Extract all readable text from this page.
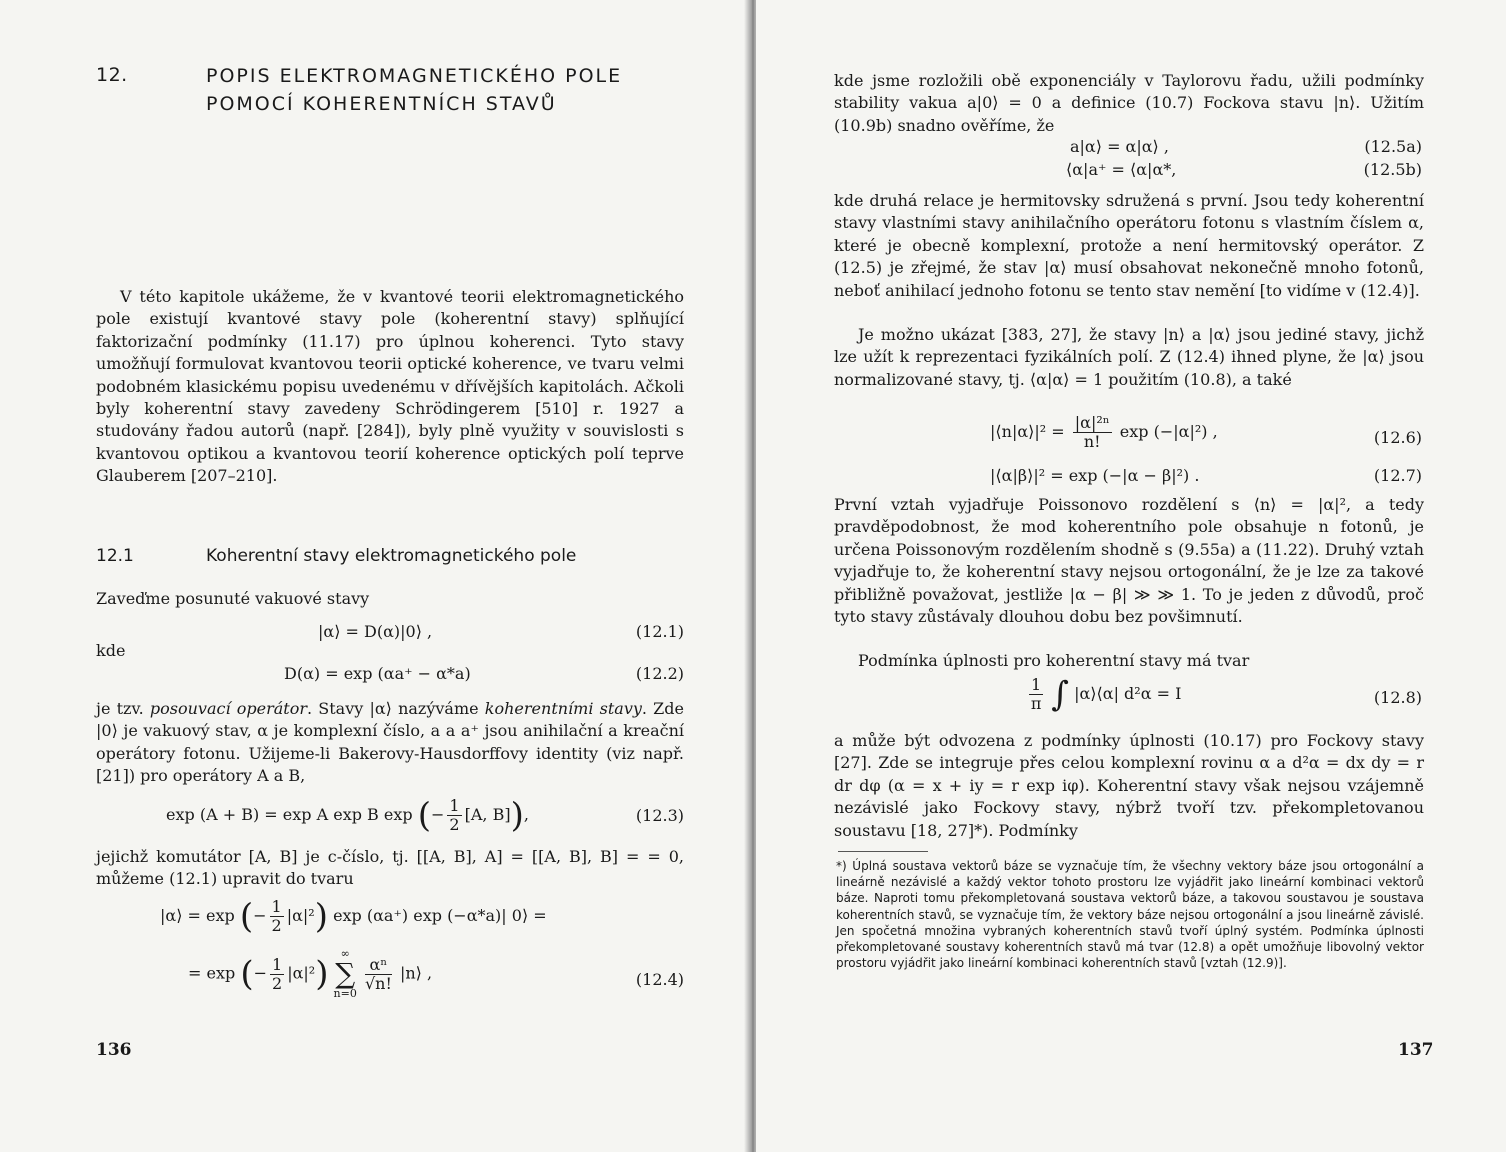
12.	POPIS ELEKTROMAGNETICKÉHO POLE
POMOCÍ KOHERENTNÍCH STAVŮ
V této kapitole ukážeme, že v kvantové teorii elektromagnetického pole existují kvantové stavy pole (koherentní stavy) splňující faktorizační podmínky (11.17) pro úplnou koherenci. Tyto stavy umožňují formulovat kvantovou teorii optické koherence, ve tvaru velmi podobném klasickému popisu uvedenému v dřívějších kapitolách. Ačkoli byly koherentní stavy zavedeny Schrödingerem [510] r. 1927 a studovány řadou autorů (např. [284]), byly plně využity v souvislosti s kvantovou optikou a kvantovou teorií koherence optických polí teprve Glauberem [207–210].
12.1	Koherentní stavy elektromagnetického pole
Zaveďme posunuté vakuové stavy
|α⟩ = D(α)|0⟩ ,	(12.1)
kde
D(α) = exp (αa⁺ − α*a)	(12.2)
je tzv. posouvací operátor. Stavy |α⟩ nazýváme koherentními stavy. Zde |0⟩ je vakuový stav, α je komplexní číslo, a a a⁺ jsou anihilační a kreační operátory fotonu. Užijeme-li Bakerovy-Hausdorffovy identity (viz např. [21]) pro operátory A a B,
exp (A + B) = exp A exp B exp (− $\frac{1}{2} [A$, B]),	(12.3)
jejichž komutátor [A, B] je c-číslo, tj. [[A, B], A] = [[A, B], B] = = 0, můžeme (12.1) upravit do tvaru
|α⟩ = exp (− $\frac{1}{2} |\alpha|^2$) exp (αa⁺) exp (−α*a)| 0⟩ =
= exp (− $\frac{1}{2} |\alpha|^2$)
∞
∑
n=0

$\frac{\text{αⁿ}}{√n!}$ |n⟩ ,	(12.4)
136
kde jsme rozložili obě exponenciály v Taylorovu řadu, užili podmínky stability vakua a|0⟩ = 0 a definice (10.7) Fockova stavu |n⟩. Užitím (10.9b) snadno ověříme, že
a|α⟩ = α|α⟩ ,	(12.5a)
⟨α|a⁺ = ⟨α|α*,	(12.5b)
kde druhá relace je hermitovsky sdružená s první. Jsou tedy koherentní stavy vlastními stavy anihilačního operátoru fotonu s vlastním číslem α, které je obecně komplexní, protože a není hermitovský operátor. Z (12.5) je zřejmé, že stav |α⟩ musí obsahovat nekonečně mnoho fotonů, neboť anihilací jednoho fotonu se tento stav nemění [to vidíme v (12.4)].
Je možno ukázat [383, 27], že stavy |n⟩ a |α⟩ jsou jediné stavy, jichž lze užít k reprezentaci fyzikálních polí. Z (12.4) ihned plyne, že |α⟩ jsou normalizované stavy, tj. ⟨α|α⟩ = 1 použitím (10.8), a také
|⟨n|α⟩|² = $\frac{\text{|α|²ⁿ}}{n!}$ exp (−|α|²) ,	(12.6)
|⟨α|β⟩|² = exp (−|α − β|²) .	(12.7)
První vztah vyjadřuje Poissonovo rozdělení s ⟨n⟩ = |α|², a tedy pravděpodobnost, že mod koherentního pole obsahuje n fotonů, je určena Poissonovým rozdělením shodně s (9.55a) a (11.22). Druhý vztah vyjadřuje to, že koherentní stavy nejsou ortogonální, že je lze za takové přibližně považovat, jestliže |α − β| ≫ ≫ 1. To je jeden z důvodů, proč tyto stavy zůstávaly dlouhou dobu bez povšimnutí.
Podmínka úplnosti pro koherentní stavy má tvar
$\frac{1}{\pi}$ ∫ |α⟩⟨α| d²α = I	(12.8)
a může být odvozena z podmínky úplnosti (10.17) pro Fockovy stavy [27]. Zde se integruje přes celou komplexní rovinu α a d²α = dx dy = r dr dφ (α = x + iy = r exp iφ). Koherentní stavy však nejsou vzájemně nezávislé jako Fockovy stavy, nýbrž tvoří tzv. překompletovanou soustavu [18, 27]*). Podmínky
*) Úplná soustava vektorů báze se vyznačuje tím, že všechny vektory báze jsou ortogonální a lineárně nezávislé a každý vektor tohoto prostoru lze vyjádřit jako lineární kombinaci vektorů báze. Naproti tomu překompletovaná soustava vektorů báze, a takovou soustavou je soustava koherentních stavů, se vyznačuje tím, že vektory báze nejsou ortogonální a jsou lineárně závislé. Jen spočetná množina vybraných koherentních stavů tvoří úplný systém. Podmínka úplnosti překompletované soustavy koherentních stavů má tvar (12.8) a opět umožňuje libovolný vektor prostoru vyjádřit jako lineární kombinaci koherentních stavů [vztah (12.9)].
137
